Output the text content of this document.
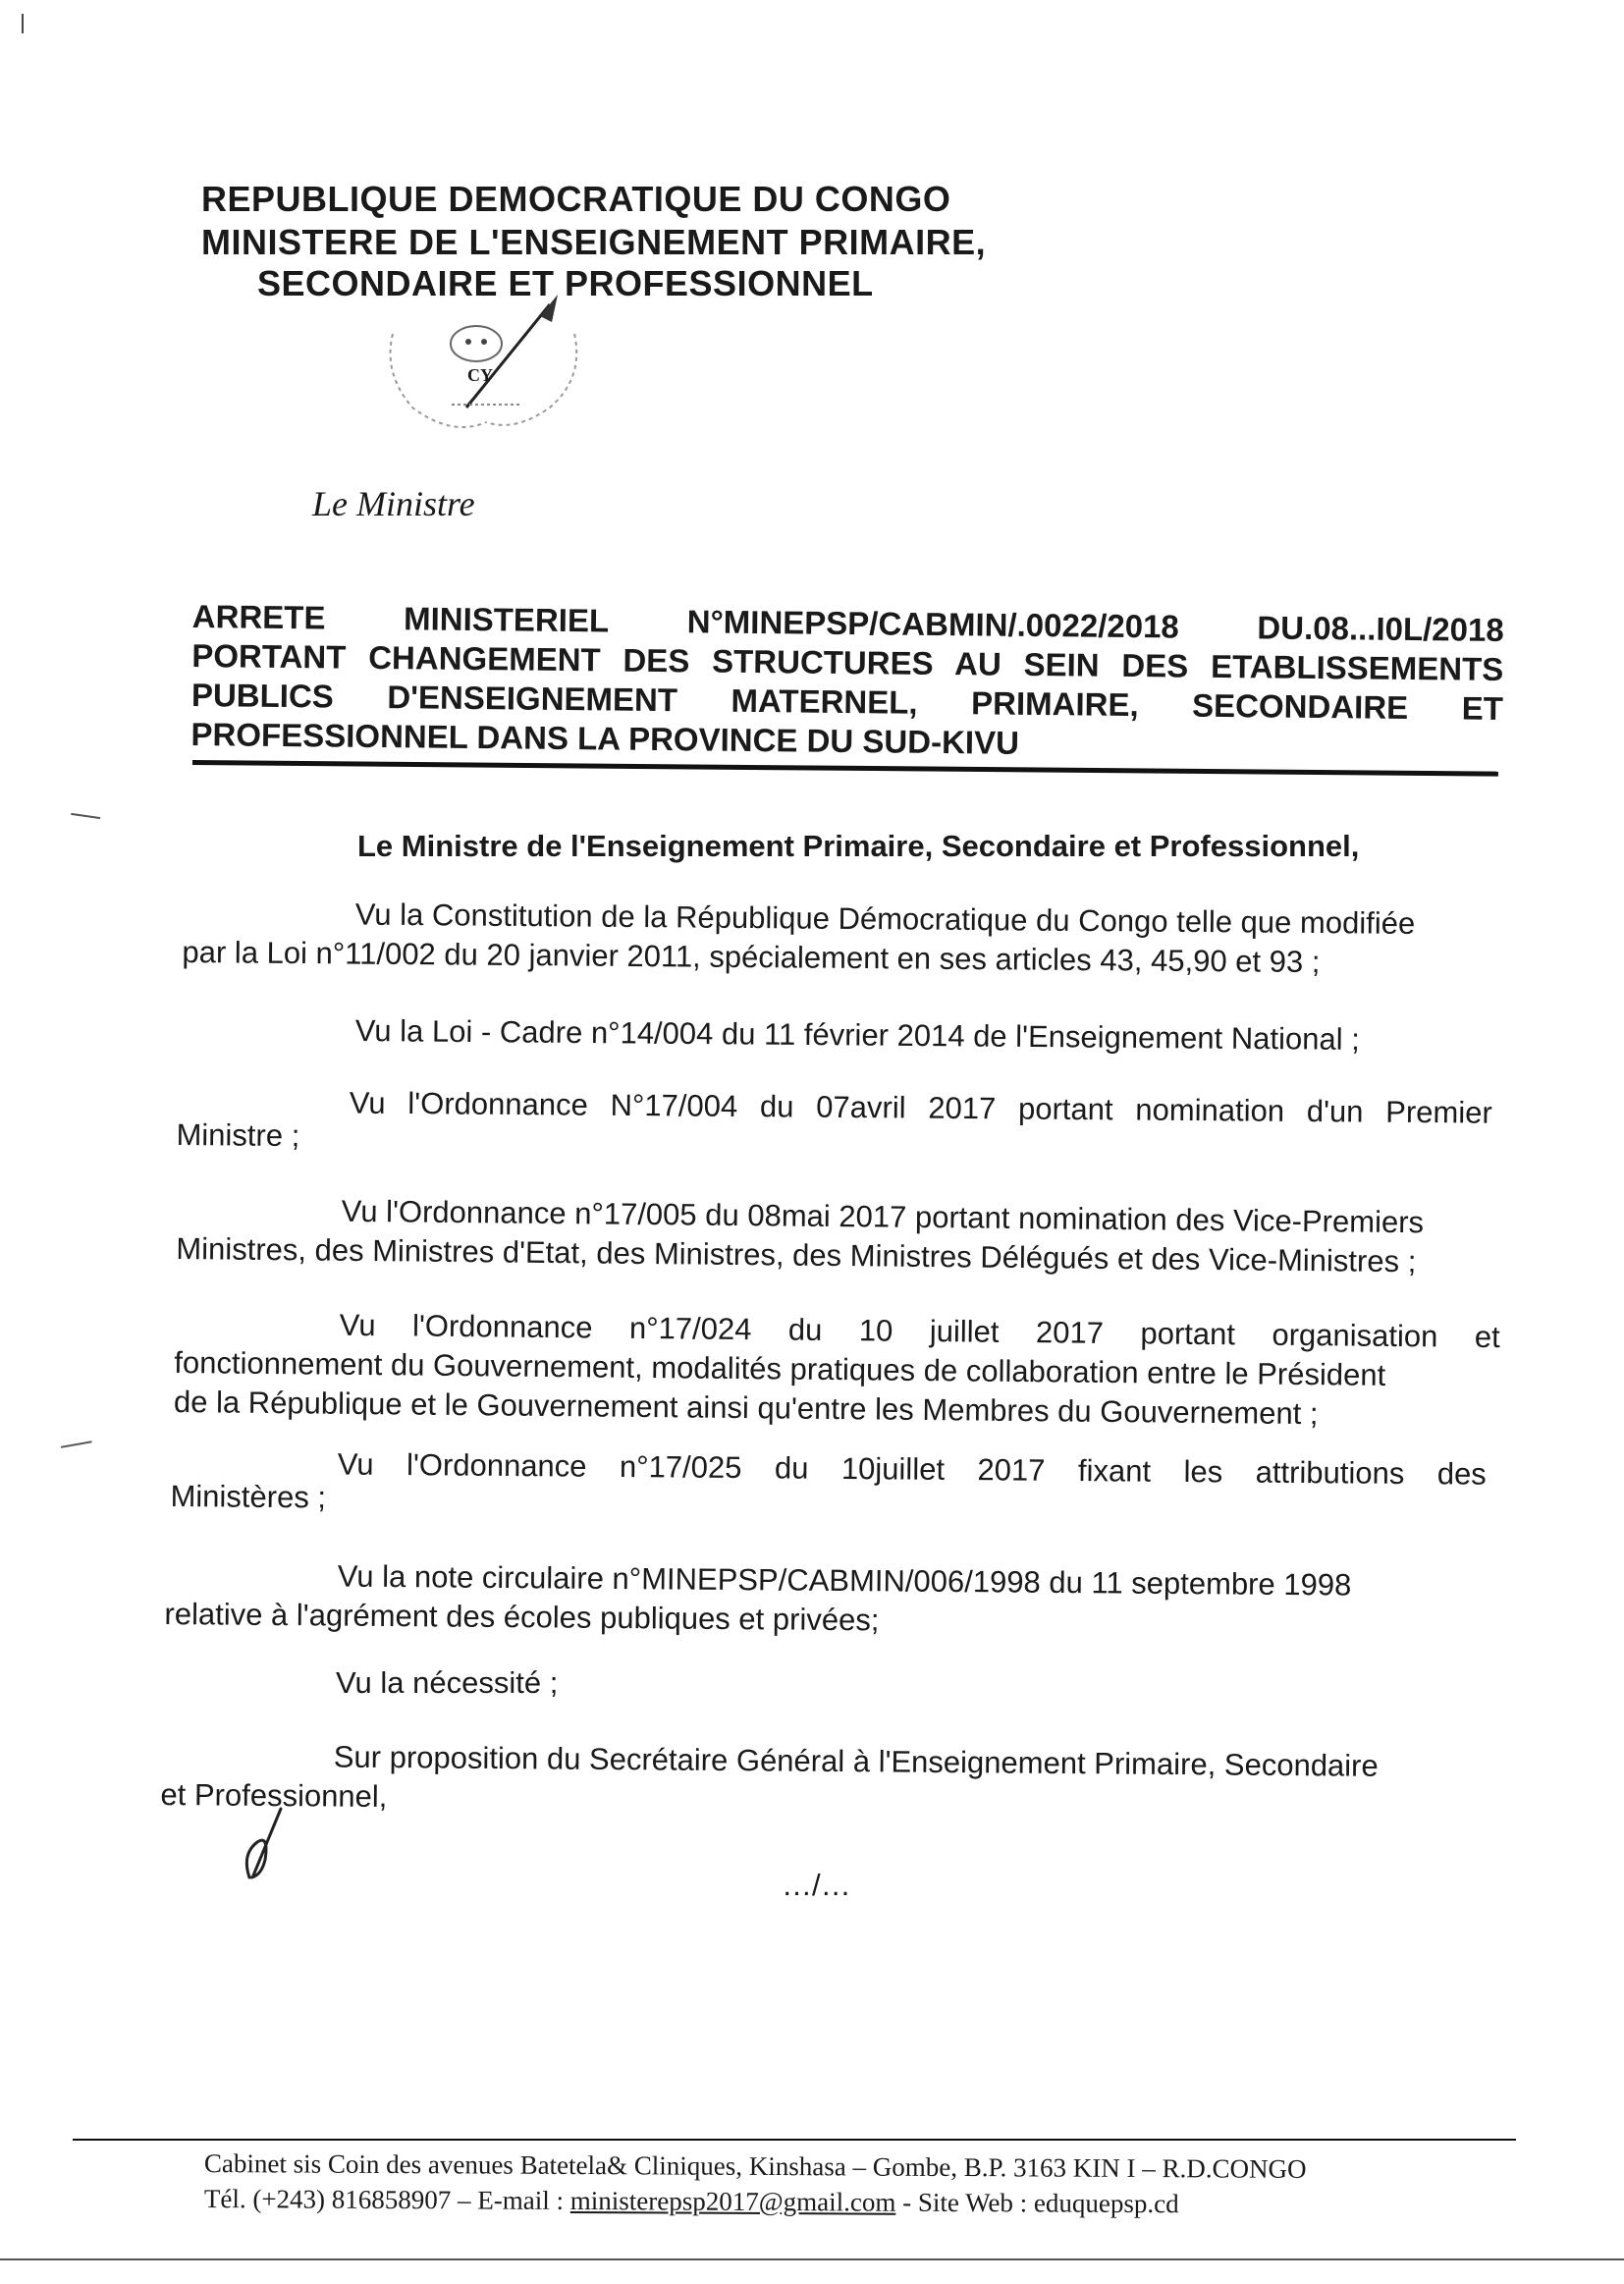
REPUBLIQUE DEMOCRATIQUE DU CONGO
MINISTERE DE L'ENSEIGNEMENT PRIMAIRE,
SECONDAIRE ET PROFESSIONNEL
CY
Le Ministre
ARRETE MINISTERIEL N°MINEPSP/CABMIN/.0022/2018 DU.08...I0L/2018
PORTANT CHANGEMENT DES STRUCTURES AU SEIN DES ETABLISSEMENTS
PUBLICS D'ENSEIGNEMENT MATERNEL, PRIMAIRE, SECONDAIRE ET
PROFESSIONNEL DANS LA PROVINCE DU SUD-KIVU
Le Ministre de l'Enseignement Primaire, Secondaire et Professionnel,
Vu la Constitution de la République Démocratique du Congo telle que modifiée
par la Loi n°11/002 du 20 janvier 2011, spécialement en ses articles 43, 45,90 et 93 ;
Vu la Loi - Cadre n°14/004 du 11 février 2014 de l'Enseignement National ;
Vu l'Ordonnance N°17/004 du 07avril 2017 portant nomination d'un Premier
Ministre ;
Vu l'Ordonnance n°17/005 du 08mai 2017 portant nomination des Vice-Premiers
Ministres, des Ministres d'Etat, des Ministres, des Ministres Délégués et des Vice-Ministres ;
Vu l'Ordonnance n°17/024 du 10 juillet 2017 portant organisation et
fonctionnement du Gouvernement, modalités pratiques de collaboration entre le Président
de la République et le Gouvernement ainsi qu'entre les Membres du Gouvernement ;
Vu l'Ordonnance n°17/025 du 10juillet 2017 fixant les attributions des
Ministères ;
Vu la note circulaire n°MINEPSP/CABMIN/006/1998 du 11 septembre 1998
relative à l'agrément des écoles publiques et privées;
Vu la nécessité ;
Sur proposition du Secrétaire Général à l'Enseignement Primaire, Secondaire
et Professionnel,
…/…
Cabinet sis Coin des avenues Batetela& Cliniques, Kinshasa – Gombe, B.P. 3163 KIN I – R.D.CONGO
Tél. (+243) 816858907 – E-mail : ministerepsp2017@gmail.com - Site Web : eduquepsp.cd
